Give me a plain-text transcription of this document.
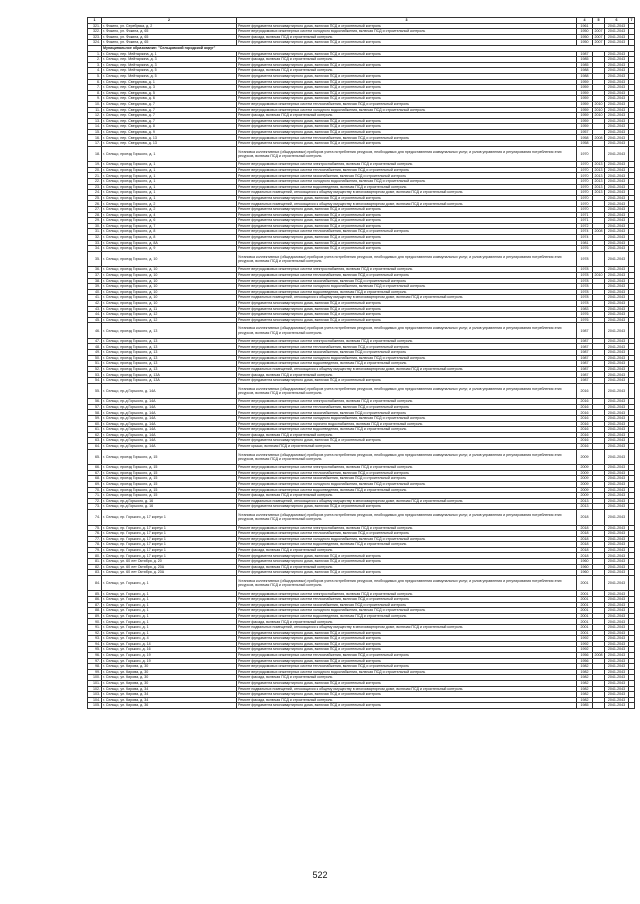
1	2	3	4	5	6	7
321.	г. Фокино, ул. Серебряка, д. 2	Ремонт фундамента многоквартирного дома, включая ПСД и строительный контроль	1961		2041-2043	
322.	г. Фокино, ул. Фокина, д. 65	Ремонт внутридомовых инженерных систем холодного водоснабжения, включая ПСД и строительный контроль	1950	2007	2041-2043	
323.	г. Фокино, ул. Фокина, д. 65	Ремонт фасада, включая ПСД и строительный контроль	1950	2007	2041-2043	
324.	г. Фокино, ул. Фокина, д. 65	Ремонт фундамента многоквартирного дома, включая ПСД и строительный контроль	1950	2007	2041-2043	
	Муниципальное образование: "Сельцовский городской округ"					
1.	г. Сельцо, пер. Мейтарзина, д. 1	Ремонт фундамента многоквартирного дома, включая ПСД и строительный контроль	1987		2041-2043	
2.	г. Сельцо, пер. Мейтарзина, д. 3	Ремонт фасада, включая ПСД и строительный контроль	1985		2041-2043	
3.	г. Сельцо, пер. Мейтарзина, д. 3	Ремонт фундамента многоквартирного дома, включая ПСД и строительный контроль	1985		2041-2043	
4.	г. Сельцо, пер. Мейтарзина, д. 5	Ремонт фасада, включая ПСД и строительный контроль	1988		2041-2043	
5.	г. Сельцо, пер. Мейтарзина, д. 5	Ремонт фундамента многоквартирного дома, включая ПСД и строительный контроль	1988		2041-2043	
6.	г. Сельцо, пер. Свердлова, д. 1	Ремонт фундамента многоквартирного дома, включая ПСД и строительный контроль	1959		2041-2043	
7.	г. Сельцо, пер. Свердлова, д. 3	Ремонт фундамента многоквартирного дома, включая ПСД и строительный контроль	1959		2041-2043	
8.	г. Сельцо, пер. Свердлова, д. 5	Ремонт фундамента многоквартирного дома, включая ПСД и строительный контроль	1959		2041-2043	
9.	г. Сельцо, пер. Свердлова, д. 6	Ремонт фундамента многоквартирного дома, включая ПСД и строительный контроль	1959		2041-2043	
10.	г. Сельцо, пер. Свердлова, д. 7	Ремонт внутридомовых инженерных систем теплоснабжения, включая ПСД и строительный контроль	1959	2010	2041-2043	
11.	г. Сельцо, пер. Свердлова, д. 7	Ремонт внутридомовых инженерных систем холодного водоснабжения, включая ПСД и строительный контроль	1959	2010	2041-2043	
12.	г. Сельцо, пер. Свердлова, д. 7	Ремонт фасада, включая ПСД и строительный контроль	1959	2010	2041-2043	
13.	г. Сельцо, пер. Свердлова, д. 7	Ремонт фундамента многоквартирного дома, включая ПСД и строительный контроль	1959		2041-2043	
14.	г. Сельцо, пер. Свердлова, д. 8	Ремонт фундамента многоквартирного дома, включая ПСД и строительный контроль	1959		2041-2043	
15.	г. Сельцо, пер. Свердлова, д. 9	Ремонт фундамента многоквартирного дома, включая ПСД и строительный контроль	1957		2041-2043	
16.	г. Сельцо, пер. Свердлова, д. 13	Ремонт внутридомовых инженерных систем теплоснабжения, включая ПСД и строительный контроль	1958	2008	2041-2043	
17.	г. Сельцо, пер. Свердлова, д. 13	Ремонт фундамента многоквартирного дома, включая ПСД и строительный контроль	1958		2041-2043	
18.	г. Сельцо, проезд Горького, д. 1	Установка коллективных (общедомовых) приборов учета потребления ресурсов, необходимых для предоставления коммунальных услуг, и узлов управления и регулирования потребления этих ресурсов, включая ПСД и строительный контроль	1970		2041-2043	
19.	г. Сельцо, проезд Горького, д. 1	Ремонт внутридомовых инженерных систем электроснабжения, включая ПСД и строительный контроль	1970	2013	2041-2043	
20.	г. Сельцо, проезд Горького, д. 1	Ремонт внутридомовых инженерных систем теплоснабжения, включая ПСД и строительный контроль	1970	2013	2041-2043	
21.	г. Сельцо, проезд Горького, д. 1	Ремонт внутридомовых инженерных систем газоснабжения, включая ПСД и строительный контроль	1970	2013	2041-2043	
22.	г. Сельцо, проезд Горького, д. 1	Ремонт внутридомовых инженерных систем холодного водоснабжения, включая ПСД и строительный контроль	1970	2013	2041-2043	
23.	г. Сельцо, проезд Горького, д. 1	Ремонт внутридомовых инженерных систем водоотведения, включая ПСД и строительный контроль	1970	2013	2041-2043	
24.	г. Сельцо, проезд Горького, д. 1	Ремонт подвальных помещений, относящихся к общему имуществу в многоквартирном доме, включая ПСД и строительный контроль	1970	2013	2041-2043	
25.	г. Сельцо, проезд Горького, д. 1	Ремонт фундамента многоквартирного дома, включая ПСД и строительный контроль	1970		2041-2043	
26.	г. Сельцо, проезд Горького, д. 2	Ремонт подвальных помещений, относящихся к общему имуществу в многоквартирном доме, включая ПСД и строительный контроль	1970		2041-2043	
27.	г. Сельцо, проезд Горького, д. 2	Ремонт фундамента многоквартирного дома, включая ПСД и строительный контроль	1970		2041-2043	
28.	г. Сельцо, проезд Горького, д. 4	Ремонт фундамента многоквартирного дома, включая ПСД и строительный контроль	1971		2041-2043	
29.	г. Сельцо, проезд Горького, д. 6	Ремонт фундамента многоквартирного дома, включая ПСД и строительный контроль	1971		2041-2043	
30.	г. Сельцо, проезд Горького, д. 7	Ремонт фундамента многоквартирного дома, включая ПСД и строительный контроль	1972		2041-2043	
31.	г. Сельцо, проезд Горького, д. 8	Ремонт внутридомовых инженерных систем теплоснабжения, включая ПСД и строительный контроль	1974	2008	2041-2043	
32.	г. Сельцо, проезд Горького, д. 8	Ремонт фундамента многоквартирного дома, включая ПСД и строительный контроль	1974		2041-2043	
33.	г. Сельцо, проезд Горького, д. 8А	Ремонт фундамента многоквартирного дома, включая ПСД и строительный контроль	1981		2041-2043	
34.	г. Сельцо, проезд Горького, д. 9	Ремонт фундамента многоквартирного дома, включая ПСД и строительный контроль	1976		2041-2043	
35.	г. Сельцо, проезд Горького, д. 10	Установка коллективных (общедомовых) приборов учета потребления ресурсов, необходимых для предоставления коммунальных услуг, и узлов управления и регулирования потребления этих ресурсов, включая ПСД и строительный контроль	1978		2041-2043	
36.	г. Сельцо, проезд Горького, д. 10	Ремонт внутридомовых инженерных систем электроснабжения, включая ПСД и строительный контроль	1978		2041-2043	
37.	г. Сельцо, проезд Горького, д. 10	Ремонт внутридомовых инженерных систем теплоснабжения, включая ПСД и строительный контроль	1978	2010	2041-2043	
38.	г. Сельцо, проезд Горького, д. 10	Ремонт внутридомовых инженерных систем газоснабжения, включая ПСД и строительный контроль	1978		2041-2043	
39.	г. Сельцо, проезд Горького, д. 10	Ремонт внутридомовых инженерных систем холодного водоснабжения, включая ПСД и строительный контроль	1978		2041-2043	
40.	г. Сельцо, проезд Горького, д. 10	Ремонт внутридомовых инженерных систем водоотведения, включая ПСД и строительный контроль	1978		2041-2043	
41.	г. Сельцо, проезд Горького, д. 10	Ремонт подвальных помещений, относящихся к общему имуществу в многоквартирном доме, включая ПСД и строительный контроль	1978		2041-2043	
42.	г. Сельцо, проезд Горького, д. 10	Ремонт фундамента многоквартирного дома, включая ПСД и строительный контроль	1978		2041-2043	
43.	г. Сельцо, проезд Горького, д. 11	Ремонт фундамента многоквартирного дома, включая ПСД и строительный контроль	1983		2041-2043	
44.	г. Сельцо, проезд Горького, д. 12	Ремонт фундамента многоквартирного дома, включая ПСД и строительный контроль	1976		2041-2043	
45.	г. Сельцо, проезд Горького, д. 12	Ремонт фундамента многоквартирного дома, включая ПСД и строительный контроль	1976		2041-2043	
46.	г. Сельцо, проезд Горького, д. 13	Установка коллективных (общедомовых) приборов учета потребления ресурсов, необходимых для предоставления коммунальных услуг, и узлов управления и регулирования потребления этих ресурсов, включая ПСД и строительный контроль	1987		2041-2043	
47.	г. Сельцо, проезд Горького, д. 13	Ремонт внутридомовых инженерных систем электроснабжения, включая ПСД и строительный контроль	1987		2041-2043	
48.	г. Сельцо, проезд Горького, д. 13	Ремонт внутридомовых инженерных систем теплоснабжения, включая ПСД и строительный контроль	1987		2041-2043	
49.	г. Сельцо, проезд Горького, д. 13	Ремонт внутридомовых инженерных систем газоснабжения, включая ПСД и строительный контроль	1987		2041-2043	
50.	г. Сельцо, проезд Горького, д. 13	Ремонт внутридомовых инженерных систем холодного водоснабжения, включая ПСД и строительный контроль	1987		2041-2043	
51.	г. Сельцо, проезд Горького, д. 13	Ремонт внутридомовых инженерных систем водоотведения, включая ПСД и строительный контроль	1987		2041-2043	
52.	г. Сельцо, проезд Горького, д. 13	Ремонт подвальных помещений, относящихся к общему имуществу в многоквартирном доме, включая ПСД и строительный контроль	1987		2041-2043	
53.	г. Сельцо, проезд Горького, д. 13А	Ремонт фасада, включая ПСД и строительный контроль	1987		2041-2043	
54.	г. Сельцо, проезд Горького, д. 13А	Ремонт фундамента многоквартирного дома, включая ПСД и строительный контроль	1987		2041-2043	
55.	г. Сельцо, пр-д Горького, д. 14А	Установка коллективных (общедомовых) приборов учета потребления ресурсов, необходимых для предоставления коммунальных услуг, и узлов управления и регулирования потребления этих ресурсов, включая ПСД и строительный контроль	2016		2041-2043	
56.	г. Сельцо, пр-д Горького, д. 14А	Ремонт внутридомовых инженерных систем электроснабжения, включая ПСД и строительный контроль	2016		2041-2043	
57.	г. Сельцо, пр-д Горького, д. 14А	Ремонт внутридомовых инженерных систем теплоснабжения, включая ПСД и строительный контроль	2016		2041-2043	
58.	г. Сельцо, пр-д Горького, д. 14А	Ремонт внутридомовых инженерных систем газоснабжения, включая ПСД и строительный контроль	2016		2041-2043	
59.	г. Сельцо, пр-д Горького, д. 14А	Ремонт внутридомовых инженерных систем холодного водоснабжения, включая ПСД и строительный контроль	2016		2041-2043	
60.	г. Сельцо, пр-д Горького, д. 14А	Ремонт внутридомовых инженерных систем горячего водоснабжения, включая ПСД и строительный контроль	2016		2041-2043	
61.	г. Сельцо, пр-д Горького, д. 14А	Ремонт внутридомовых инженерных систем водоотведения, включая ПСД и строительный контроль	2016		2041-2043	
62.	г. Сельцо, пр-д Горького, д. 14А	Ремонт фасада, включая ПСД и строительный контроль	2016		2041-2043	
63.	г. Сельцо, пр-д Горького, д. 14А	Ремонт фундамента многоквартирного дома, включая ПСД и строительный контроль	2016		2041-2043	
64.	г. Сельцо, пр-д Горького, д. 14А	Ремонт крыши, включая ПСД и строительный контроль	2016		2041-2043	
65.	г. Сельцо, проезд Горького, д. 15	Установка коллективных (общедомовых) приборов учета потребления ресурсов, необходимых для предоставления коммунальных услуг, и узлов управления и регулирования потребления этих ресурсов, включая ПСД и строительный контроль	2009		2041-2043	
66.	г. Сельцо, проезд Горького, д. 15	Ремонт внутридомовых инженерных систем электроснабжения, включая ПСД и строительный контроль	2009		2041-2043	
67.	г. Сельцо, проезд Горького, д. 15	Ремонт внутридомовых инженерных систем теплоснабжения, включая ПСД и строительный контроль	2009		2041-2043	
68.	г. Сельцо, проезд Горького, д. 15	Ремонт внутридомовых инженерных систем газоснабжения, включая ПСД и строительный контроль	2009		2041-2043	
69.	г. Сельцо, проезд Горького, д. 15	Ремонт внутридомовых инженерных систем холодного водоснабжения, включая ПСД и строительный контроль	2009		2041-2043	
70.	г. Сельцо, проезд Горького, д. 15	Ремонт внутридомовых инженерных систем водоотведения, включая ПСД и строительный контроль	2009		2041-2043	
71.	г. Сельцо, проезд Горького, д. 15	Ремонт фасада, включая ПСД и строительный контроль	2009		2041-2043	
72.	г. Сельцо, пр-д Горького, д. 16	Ремонт подвальных помещений, относящихся к общему имуществу в многоквартирном доме, включая ПСД и строительный контроль	2013		2041-2043	
73.	г. Сельцо, пр-д Горького, д. 16	Ремонт фундамента многоквартирного дома, включая ПСД и строительный контроль	2013		2041-2043	
74.	г. Сельцо, пр. Горького, д. 17 корпус 1	Установка коллективных (общедомовых) приборов учета потребления ресурсов, необходимых для предоставления коммунальных услуг, и узлов управления и регулирования потребления этих ресурсов, включая ПСД и строительный контроль	2018		2041-2043	
75.	г. Сельцо, пр. Горького, д. 17 корпус 1	Ремонт внутридомовых инженерных систем электроснабжения, включая ПСД и строительный контроль	2018		2041-2043	
76.	г. Сельцо, пр. Горького, д. 17 корпус 1	Ремонт внутридомовых инженерных систем теплоснабжения, включая ПСД и строительный контроль	2018		2041-2043	
77.	г. Сельцо, пр. Горького, д. 17 корпус 1	Ремонт внутридомовых инженерных систем холодного водоснабжения, включая ПСД и строительный контроль	2018		2041-2043	
78.	г. Сельцо, пр. Горького, д. 17 корпус 1	Ремонт внутридомовых инженерных систем водоотведения, включая ПСД и строительный контроль	2018		2041-2043	
79.	г. Сельцо, пр. Горького, д. 17 корпус 1	Ремонт фасада, включая ПСД и строительный контроль	2018		2041-2043	
80.	г. Сельцо, пр. Горького, д. 17 корпус 1	Ремонт фундамента многоквартирного дома, включая ПСД и строительный контроль	2018		2041-2043	
81.	г. Сельцо, ул. 60 лет Октября, д. 20	Ремонт фундамента многоквартирного дома, включая ПСД и строительный контроль	1960		2041-2043	
82.	г. Сельцо, ул. 60 лет Октября, д. 20А	Ремонт фасада, включая ПСД и строительный контроль	1960		2041-2043	
83.	г. Сельцо, ул. 60 лет Октября, д. 20А	Ремонт фундамента многоквартирного дома, включая ПСД и строительный контроль	1960		2041-2043	
84.	г. Сельцо, ул. Горького, д. 1	Установка коллективных (общедомовых) приборов учета потребления ресурсов, необходимых для предоставления коммунальных услуг, и узлов управления и регулирования потребления этих ресурсов, включая ПСД и строительный контроль	2001		2041-2043	
85.	г. Сельцо, ул. Горького, д. 1	Ремонт внутридомовых инженерных систем электроснабжения, включая ПСД и строительный контроль	2001		2041-2043	
86.	г. Сельцо, ул. Горького, д. 1	Ремонт внутридомовых инженерных систем теплоснабжения, включая ПСД и строительный контроль	2001		2041-2043	
87.	г. Сельцо, ул. Горького, д. 1	Ремонт внутридомовых инженерных систем газоснабжения, включая ПСД и строительный контроль	2001		2041-2043	
88.	г. Сельцо, ул. Горького, д. 1	Ремонт внутридомовых инженерных систем холодного водоснабжения, включая ПСД и строительный контроль	2001		2041-2043	
89.	г. Сельцо, ул. Горького, д. 1	Ремонт внутридомовых инженерных систем водоотведения, включая ПСД и строительный контроль	2001		2041-2043	
90.	г. Сельцо, ул. Горького, д. 1	Ремонт фасада, включая ПСД и строительный контроль	2001		2041-2043	
91.	г. Сельцо, ул. Горького, д. 1	Ремонт подвальных помещений, относящихся к общему имуществу в многоквартирном доме, включая ПСД и строительный контроль	2001		2041-2043	
92.	г. Сельцо, ул. Горького, д. 1	Ремонт фундамента многоквартирного дома, включая ПСД и строительный контроль	2001		2041-2043	
93.	г. Сельцо, ул. Горького, д. 4	Ремонт фундамента многоквартирного дома, включая ПСД и строительный контроль	1992		2041-2043	
94.	г. Сельцо, ул. Горького, д. 14	Ремонт фундамента многоквартирного дома, включая ПСД и строительный контроль	1992		2041-2043	
95.	г. Сельцо, ул. Горького, д. 16	Ремонт фундамента многоквартирного дома, включая ПСД и строительный контроль	1992		2041-2043	
96.	г. Сельцо, ул. Горького, д. 19	Ремонт внутридомовых инженерных систем теплоснабжения, включая ПСД и строительный контроль	1956	2008	2041-2043	
97.	г. Сельцо, ул. Горького, д. 19	Ремонт фундамента многоквартирного дома, включая ПСД и строительный контроль	1956		2041-2043	
98.	г. Сельцо, ул. Кирова, д. 30	Ремонт внутридомовых инженерных систем теплоснабжения, включая ПСД и строительный контроль	1982		2041-2043	
99.	г. Сельцо, ул. Кирова, д. 30	Ремонт внутридомовых инженерных систем холодного водоснабжения, включая ПСД и строительный контроль	1982		2041-2043	
100.	г. Сельцо, ул. Кирова, д. 30	Ремонт фасада, включая ПСД и строительный контроль	1982		2041-2043	
101.	г. Сельцо, ул. Кирова, д. 30	Ремонт фундамента многоквартирного дома, включая ПСД и строительный контроль	1982		2041-2043	
102.	г. Сельцо, ул. Кирова, д. 34	Ремонт подвальных помещений, относящихся к общему имуществу в многоквартирном доме, включая ПСД и строительный контроль	1982		2041-2043	
103.	г. Сельцо, ул. Кирова, д. 34	Ремонт фундамента многоквартирного дома, включая ПСД и строительный контроль	1982		2041-2043	
104.	г. Сельцо, ул. Кирова, д. 34	Ремонт фасада, включая ПСД и строительный контроль	1982		2041-2043	
105.	г. Сельцо, ул. Кирова, д. 36	Ремонт фундамента многоквартирного дома, включая ПСД и строительный контроль	1985		2041-2043	
522
